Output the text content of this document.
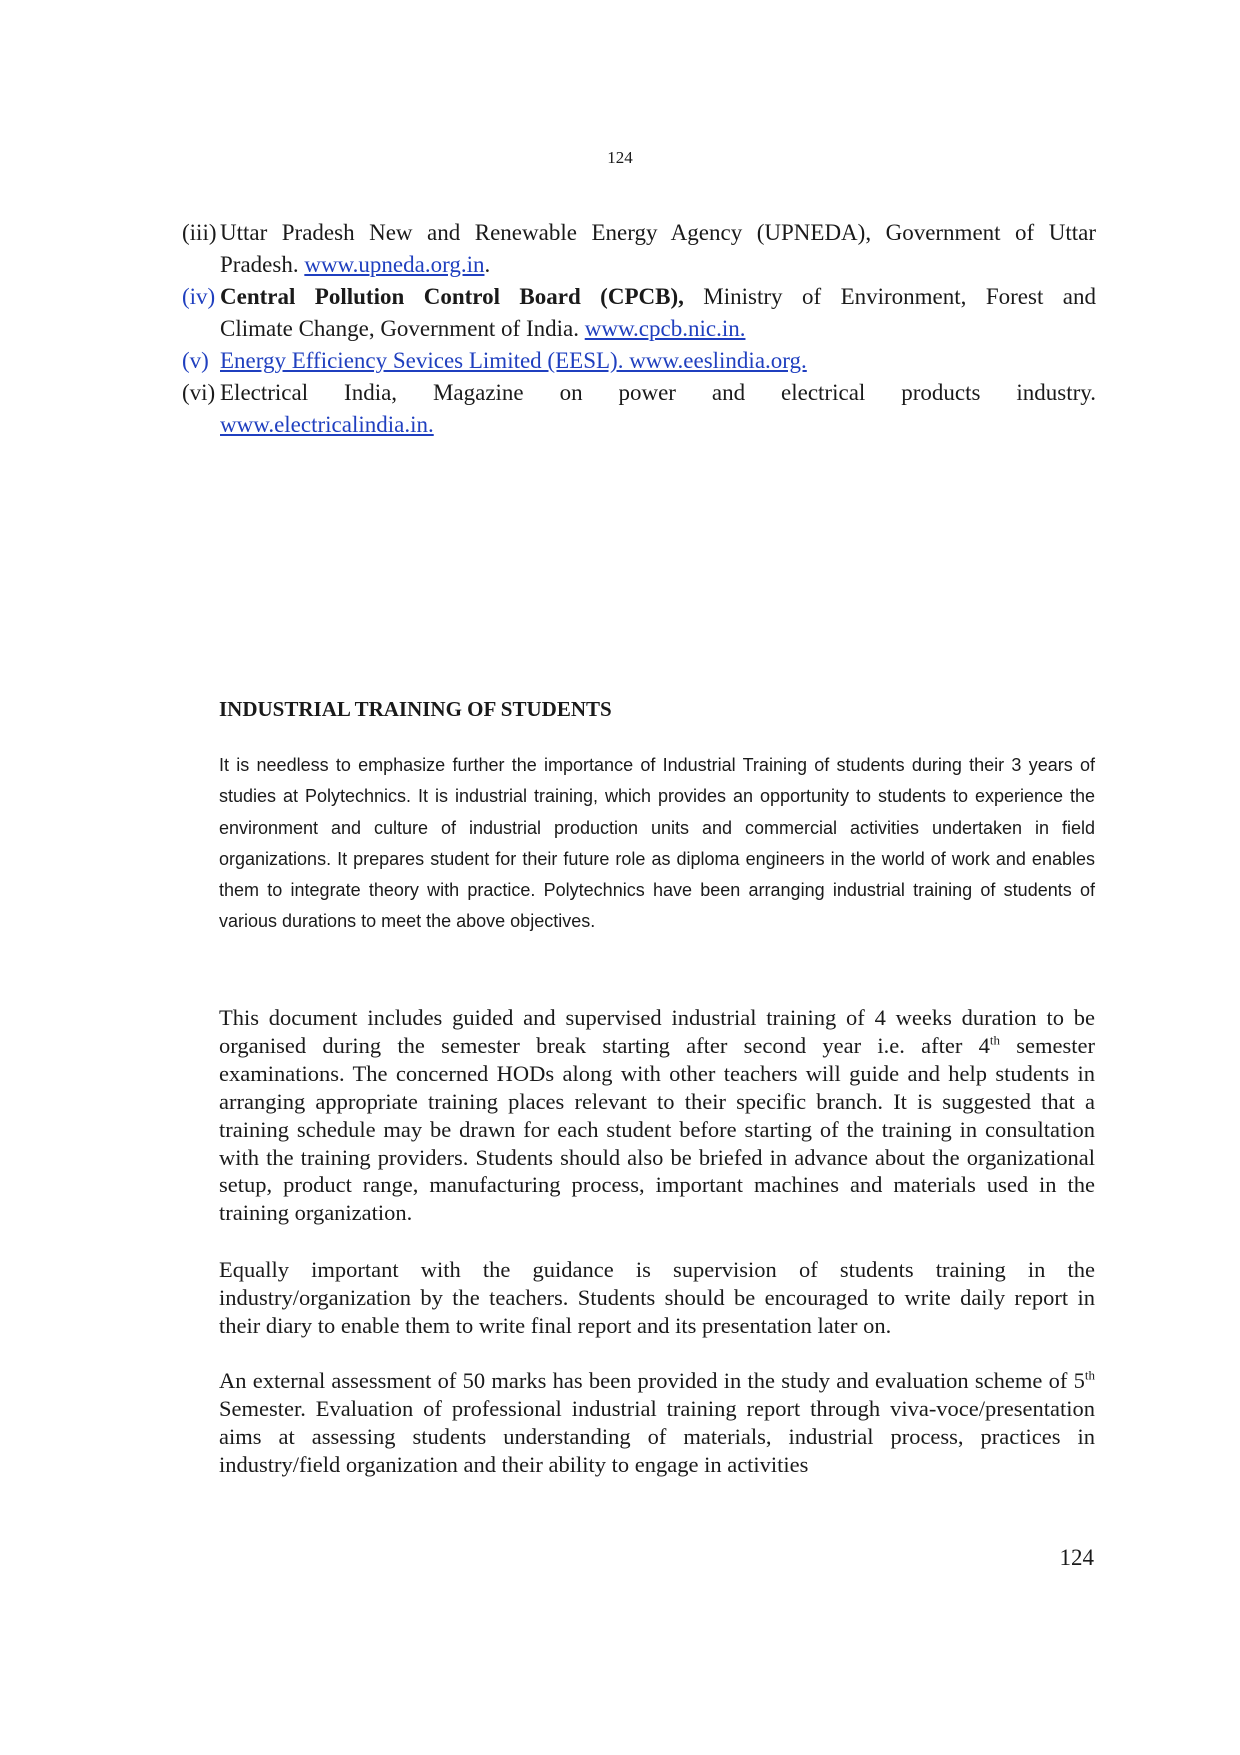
124
(iii) Uttar Pradesh New and Renewable Energy Agency (UPNEDA), Government of Uttar
Pradesh. www.upneda.org.in.
(iv) Central Pollution Control Board (CPCB), Ministry of Environment, Forest and
Climate Change, Government of India. www.cpcb.nic.in.
(v) Energy Efficiency Sevices Limited (EESL). www.eeslindia.org.
(vi) Electrical India, Magazine on power and electrical products industry.
www.electricalindia.in.
INDUSTRIAL TRAINING OF STUDENTS
It is needless to emphasize further the importance of Industrial Training of students during their 3 years of studies at Polytechnics. It is industrial training, which provides an opportunity to students to experience the environment and culture of industrial production units and commercial activities undertaken in field organizations. It prepares student for their future role as diploma engineers in the world of work and enables them to integrate theory with practice. Polytechnics have been arranging industrial training of students of various durations to meet the above objectives.
This document includes guided and supervised industrial training of 4 weeks duration to be organised during the semester break starting after second year i.e. after 4th semester examinations. The concerned HODs along with other teachers will guide and help students in arranging appropriate training places relevant to their specific branch. It is suggested that a training schedule may be drawn for each student before starting of the training in consultation with the training providers. Students should also be briefed in advance about the organizational setup, product range, manufacturing process, important machines and materials used in the training organization.
Equally important with the guidance is supervision of students training in the industry/organization by the teachers. Students should be encouraged to write daily report in their diary to enable them to write final report and its presentation later on.
An external assessment of 50 marks has been provided in the study and evaluation scheme of 5th Semester. Evaluation of professional industrial training report through viva-voce/presentation aims at assessing students understanding of materials, industrial process, practices in industry/field organization and their ability to engage in activities
124
